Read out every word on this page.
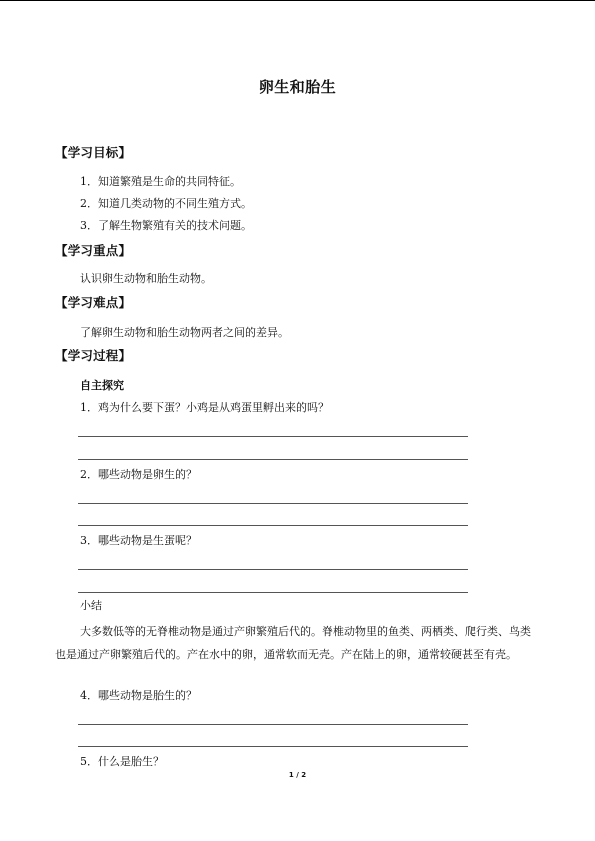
卵生和胎生
【学习目标】
1．知道繁殖是生命的共同特征。
2．知道几类动物的不同生殖方式。
3．了解生物繁殖有关的技术问题。
【学习重点】
认识卵生动物和胎生动物。
【学习难点】
了解卵生动物和胎生动物两者之间的差异。
【学习过程】
自主探究
1．鸡为什么要下蛋？小鸡是从鸡蛋里孵出来的吗？
2．哪些动物是卵生的？
3．哪些动物是生蛋呢？
小结

大多数低等的无脊椎动物是通过产卵繁殖后代的。脊椎动物里的鱼类、两栖类、爬行类、鸟类也是通过产卵繁殖后代的。产在水中的卵，通常软而无壳。产在陆上的卵，通常较硬甚至有壳。

4．哪些动物是胎生的？
5．什么是胎生？
1 / 2
